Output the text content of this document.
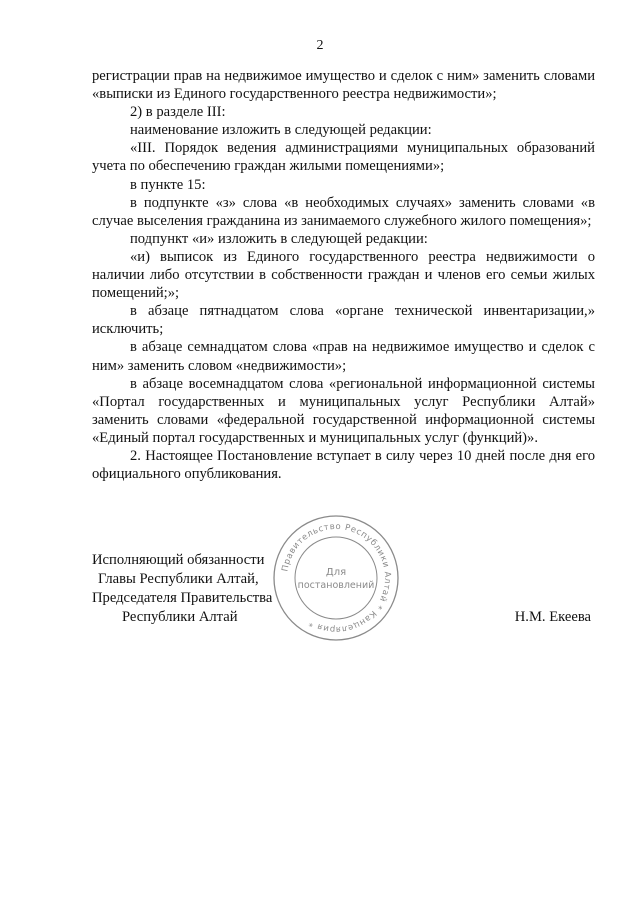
2

регистрации прав на недвижимое имущество и сделок с ним» заменить словами «выписки из Единого государственного реестра недвижимости»;

2) в разделе III:

наименование изложить в следующей редакции:

«III. Порядок ведения администрациями муниципальных образований учета по обеспечению граждан жилыми помещениями»;

в пункте 15:

в подпункте «з» слова «в необходимых случаях» заменить словами «в случае выселения гражданина из занимаемого служебного жилого помещения»;

подпункт «и» изложить в следующей редакции:

«и) выписок из Единого государственного реестра недвижимости о наличии либо отсутствии в собственности граждан и членов его семьи жилых помещений;»;

в абзаце пятнадцатом слова «органе технической инвентаризации,» исключить;

в абзаце семнадцатом слова «прав на недвижимое имущество и сделок с ним» заменить словом «недвижимости»;

в абзаце восемнадцатом слова «региональной информационной системы «Портал государственных и муниципальных услуг Республики Алтай» заменить словами «федеральной государственной информационной системы «Единый портал государственных и муниципальных услуг (функций)».

2. Настоящее Постановление вступает в силу через 10 дней после дня его официального опубликования.

Исполняющий обязанности
Главы Республики Алтай,
Председателя Правительства
Республики Алтай	Н.М. Екеева
Правительство Республики Алтай * Канцелярия *
Для
постановлений
